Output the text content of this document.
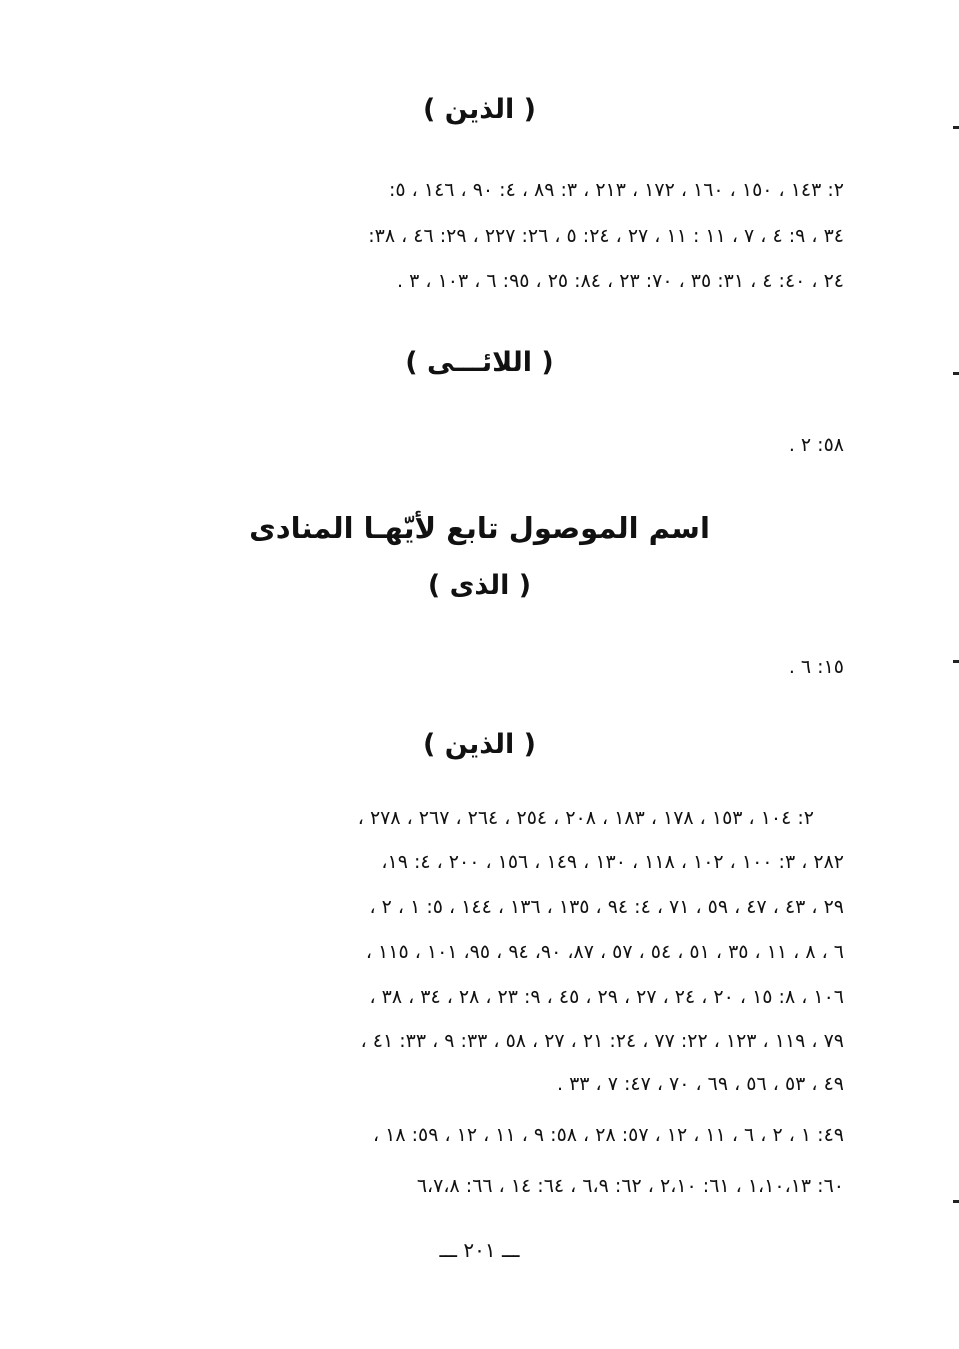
( الذين )
٢: ١٤٣ ، ١٥٠ ، ١٦٠ ، ١٧٢ ، ٢١٣ ، ٣: ٨٩ ، ٤: ٩٠ ، ١٤٦ ، ٥:
٣٤ ، ٩: ٤ ، ٧ ، ١١ : ١١ ، ٢٧ ، ٢٤: ٥ ، ٢٦: ٢٢٧ ، ٢٩: ٤٦ ، ٣٨:
٢٤ ، ٤٠: ٤ ، ٣١: ٣٥ ، ٧٠: ٢٣ ، ٨٤: ٢٥ ، ٩٥: ٦ ، ١٠٣ ، ٣ .
( اللائـــى )
٥٨: ٢ .
اسم الموصول تابع لأيّهـا المنادى
( الذى )
١٥: ٦ .
( الذين )
٢: ١٠٤ ، ١٥٣ ، ١٧٨ ، ١٨٣ ، ٢٠٨ ، ٢٥٤ ، ٢٦٤ ، ٢٦٧ ، ٢٧٨ ،
٢٨٢ ، ٣: ١٠٠ ، ١٠٢ ، ١١٨ ، ١٣٠ ، ١٤٩ ، ١٥٦ ، ٢٠٠ ، ٤: ١٩،
٢٩ ، ٤٣ ، ٤٧ ، ٥٩ ، ٧١ ، ٤: ٩٤ ، ١٣٥ ، ١٣٦ ، ١٤٤ ، ٥: ١ ، ٢ ،
٦ ، ٨ ، ١١ ، ٣٥ ، ٥١ ، ٥٤ ، ٥٧ ، ٨٧، ٩٠، ٩٤ ، ٩٥، ١٠١ ، ١١٥ ،
١٠٦ ، ٨: ١٥ ، ٢٠ ، ٢٤ ، ٢٧ ، ٢٩ ، ٤٥ ، ٩: ٢٣ ، ٢٨ ، ٣٤ ، ٣٨ ،
٧٩ ، ١١٩ ، ١٢٣ ، ٢٢: ٧٧ ، ٢٤: ٢١ ، ٢٧ ، ٥٨ ، ٣٣: ٩ ، ٣٣: ٤١ ،
٤٩ ، ٥٣ ، ٥٦ ، ٦٩ ، ٧٠ ، ٤٧: ٧ ، ٣٣ .
٤٩: ١ ، ٢ ، ٦ ، ١١ ، ١٢ ، ٥٧: ٢٨ ، ٥٨: ٩ ، ١١ ، ١٢ ، ٥٩: ١٨ ،
٦٠: ١،١٠،١٣ ، ٦١: ٢،١٠ ، ٦٢: ٦،٩ ، ٦٤: ١٤ ، ٦٦: ٦،٧،٨
ـــ ٢٠١ ـــ
